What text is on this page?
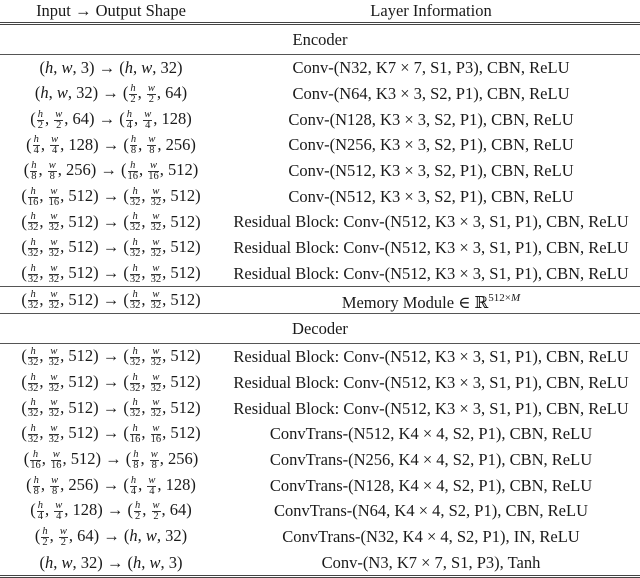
Input → Output Shape	Layer Information
Encoder	
(h, w, 3) → (h, w, 32)	Conv-(N32, K7 × 7, S1, P3), CBN, ReLU
(h, w, 32) → ( $\frac{h}{2}$ , $\frac{w}{2}$ , 64)	Conv-(N64, K3 × 3, S2, P1), CBN, ReLU
( $\frac{h}{2}$ , $\frac{w}{2}$ , 64) → ( $\frac{h}{4}$ , $\frac{w}{4}$ , 128)	Conv-(N128, K3 × 3, S2, P1), CBN, ReLU
( $\frac{h}{4}$ , $\frac{w}{4}$ , 128) → ( $\frac{h}{8}$ , $\frac{w}{8}$ , 256)	Conv-(N256, K3 × 3, S2, P1), CBN, ReLU
( $\frac{h}{8}$ , $\frac{w}{8}$ , 256) → ( $\frac{h}{16}$ , $\frac{w}{16}$ , 512)	Conv-(N512, K3 × 3, S2, P1), CBN, ReLU
( $\frac{h}{16}$ , $\frac{w}{16}$ , 512) → ( $\frac{h}{32}$ , $\frac{w}{32}$ , 512)	Conv-(N512, K3 × 3, S2, P1), CBN, ReLU
( $\frac{h}{32}$ , $\frac{w}{32}$ , 512) → ( $\frac{h}{32}$ , $\frac{w}{32}$ , 512)	Residual Block: Conv-(N512, K3 × 3, S1, P1), CBN, ReLU
( $\frac{h}{32}$ , $\frac{w}{32}$ , 512) → ( $\frac{h}{32}$ , $\frac{w}{32}$ , 512)	Residual Block: Conv-(N512, K3 × 3, S1, P1), CBN, ReLU
( $\frac{h}{32}$ , $\frac{w}{32}$ , 512) → ( $\frac{h}{32}$ , $\frac{w}{32}$ , 512)	Residual Block: Conv-(N512, K3 × 3, S1, P1), CBN, ReLU
( $\frac{h}{32}$ , $\frac{w}{32}$ , 512) → ( $\frac{h}{32}$ , $\frac{w}{32}$ , 512)	Memory Module ∈ ℝ$^{512\times M}$
Decoder	
( $\frac{h}{32}$ , $\frac{w}{32}$ , 512) → ( $\frac{h}{32}$ , $\frac{w}{32}$ , 512)	Residual Block: Conv-(N512, K3 × 3, S1, P1), CBN, ReLU
( $\frac{h}{32}$ , $\frac{w}{32}$ , 512) → ( $\frac{h}{32}$ , $\frac{w}{32}$ , 512)	Residual Block: Conv-(N512, K3 × 3, S1, P1), CBN, ReLU
( $\frac{h}{32}$ , $\frac{w}{32}$ , 512) → ( $\frac{h}{32}$ , $\frac{w}{32}$ , 512)	Residual Block: Conv-(N512, K3 × 3, S1, P1), CBN, ReLU
( $\frac{h}{32}$ , $\frac{w}{32}$ , 512) → ( $\frac{h}{16}$ , $\frac{w}{16}$ , 512)	ConvTrans-(N512, K4 × 4, S2, P1), CBN, ReLU
( $\frac{h}{16}$ , $\frac{w}{16}$ , 512) → ( $\frac{h}{8}$ , $\frac{w}{8}$ , 256)	ConvTrans-(N256, K4 × 4, S2, P1), CBN, ReLU
( $\frac{h}{8}$ , $\frac{w}{8}$ , 256) → ( $\frac{h}{4}$ , $\frac{w}{4}$ , 128)	ConvTrans-(N128, K4 × 4, S2, P1), CBN, ReLU
( $\frac{h}{4}$ , $\frac{w}{4}$ , 128) → ( $\frac{h}{2}$ , $\frac{w}{2}$ , 64)	ConvTrans-(N64, K4 × 4, S2, P1), CBN, ReLU
( $\frac{h}{2}$ , $\frac{w}{2}$ , 64) → (h, w, 32)	ConvTrans-(N32, K4 × 4, S2, P1), IN, ReLU
(h, w, 32) → (h, w, 3)	Conv-(N3, K7 × 7, S1, P3), Tanh
